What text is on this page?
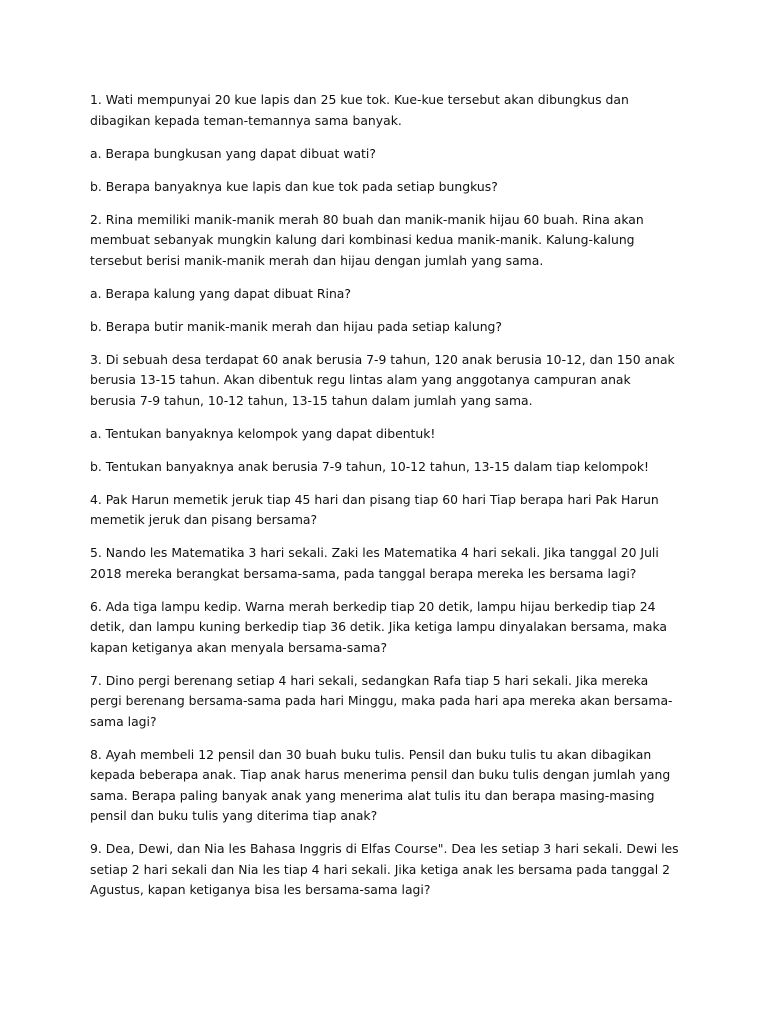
1. Wati mempunyai 20 kue lapis dan 25 kue tok. Kue-kue tersebut akan dibungkus dan dibagikan kepada teman-temannya sama banyak.

a. Berapa bungkusan yang dapat dibuat wati?

b. Berapa banyaknya kue lapis dan kue tok pada setiap bungkus?

2. Rina memiliki manik-manik merah 80 buah dan manik-manik hijau 60 buah. Rina akan membuat sebanyak mungkin kalung dari kombinasi kedua manik-manik. Kalung-kalung tersebut berisi manik-manik merah dan hijau dengan jumlah yang sama.

a. Berapa kalung yang dapat dibuat Rina?

b. Berapa butir manik-manik merah dan hijau pada setiap kalung?

3. Di sebuah desa terdapat 60 anak berusia 7-9 tahun, 120 anak berusia 10-12, dan 150 anak berusia 13-15 tahun. Akan dibentuk regu lintas alam yang anggotanya campuran anak berusia 7-9 tahun, 10-12 tahun, 13-15 tahun dalam jumlah yang sama.

a. Tentukan banyaknya kelompok yang dapat dibentuk!

b. Tentukan banyaknya anak berusia 7-9 tahun, 10-12 tahun, 13-15 dalam tiap kelompok!

4. Pak Harun memetik jeruk tiap 45 hari dan pisang tiap 60 hari Tiap berapa hari Pak Harun memetik jeruk dan pisang bersama?

5. Nando les Matematika 3 hari sekali. Zaki les Matematika 4 hari sekali. Jika tanggal 20 Juli 2018 mereka berangkat bersama-sama, pada tanggal berapa mereka les bersama lagi?

6. Ada tiga lampu kedip. Warna merah berkedip tiap 20 detik, lampu hijau berkedip tiap 24 detik, dan lampu kuning berkedip tiap 36 detik. Jika ketiga lampu dinyalakan bersama, maka kapan ketiganya akan menyala bersama-sama?

7. Dino pergi berenang setiap 4 hari sekali, sedangkan Rafa tiap 5 hari sekali. Jika mereka pergi berenang bersama-sama pada hari Minggu, maka pada hari apa mereka akan bersama-sama lagi?

8. Ayah membeli 12 pensil dan 30 buah buku tulis. Pensil dan buku tulis tu akan dibagikan kepada beberapa anak. Tiap anak harus menerima pensil dan buku tulis dengan jumlah yang sama. Berapa paling banyak anak yang menerima alat tulis itu dan berapa masing-masing pensil dan buku tulis yang diterima tiap anak?

9. Dea, Dewi, dan Nia les Bahasa Inggris di Elfas Course". Dea les setiap 3 hari sekali. Dewi les setiap 2 hari sekali dan Nia les tiap 4 hari sekali. Jika ketiga anak les bersama pada tanggal 2 Agustus, kapan ketiganya bisa les bersama-sama lagi?
